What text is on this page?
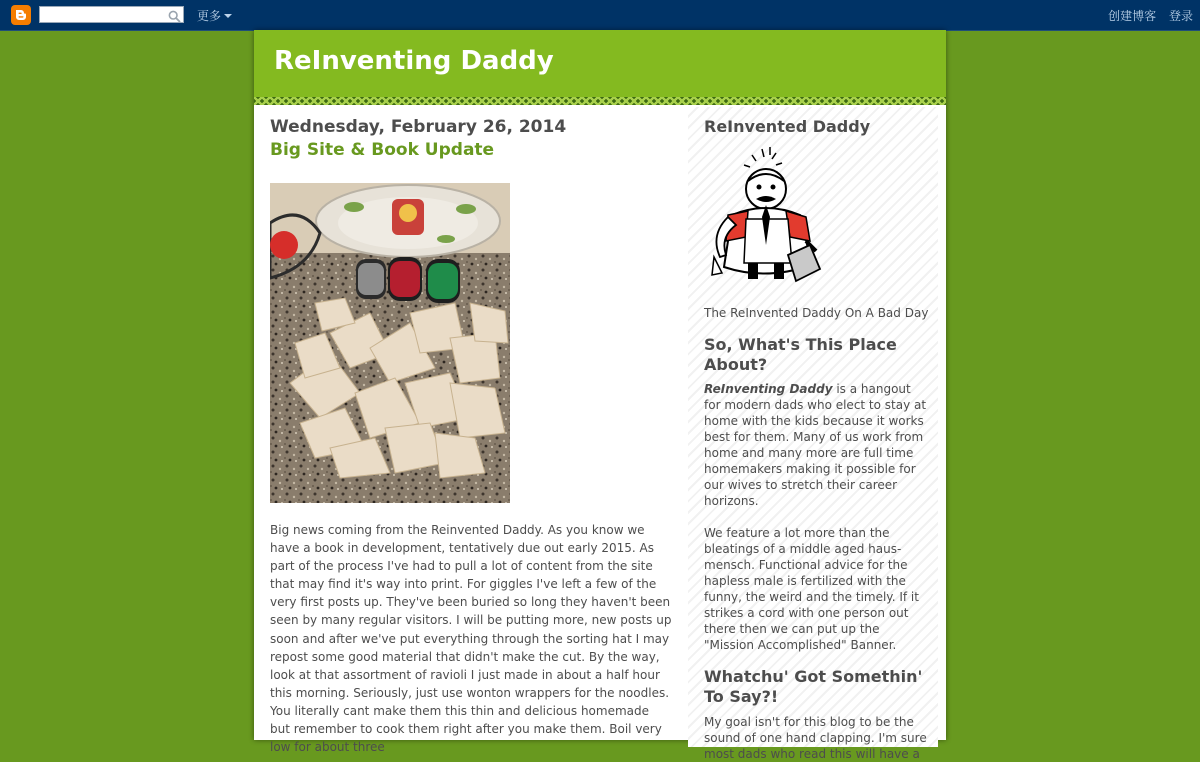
更多	创建博客 登录
ReInventing Daddy
Wednesday, February 26, 2014
Big Site & Book Update

Big news coming from the Reinvented Daddy. As you know we have a book in development, tentatively due out early 2015. As part of the process I've had to pull a lot of content from the site that may find it's way into print. For giggles I've left a few of the very first posts up. They've been buried so long they haven't been seen by many regular visitors. I will be putting more, new posts up soon and after we've put everything through the sorting hat I may repost some good material that didn't make the cut. By the way, look at that assortment of ravioli I just made in about a half hour this morning. Seriously, just use wonton wrappers for the noodles. You literally cant make them this thin and delicious homemade but remember to cook them right after you make them. Boil very low for about three

ReInvented Daddy

The ReInvented Daddy On A Bad Day

So, What's This Place About?

ReInventing Daddy is a hangout for modern dads who elect to stay at home with the kids because it works best for them. Many of us work from home and many more are full time homemakers making it possible for our wives to stretch their career horizons.

We feature a lot more than the bleatings of a middle aged haus-mensch. Functional advice for the hapless male is fertilized with the funny, the weird and the timely. If it strikes a cord with one person out there then we can put up the "Mission Accomplished" Banner.

Whatchu' Got Somethin' To Say?!

My goal isn't for this blog to be the sound of one hand clapping. I'm sure most dads who read this will have a
